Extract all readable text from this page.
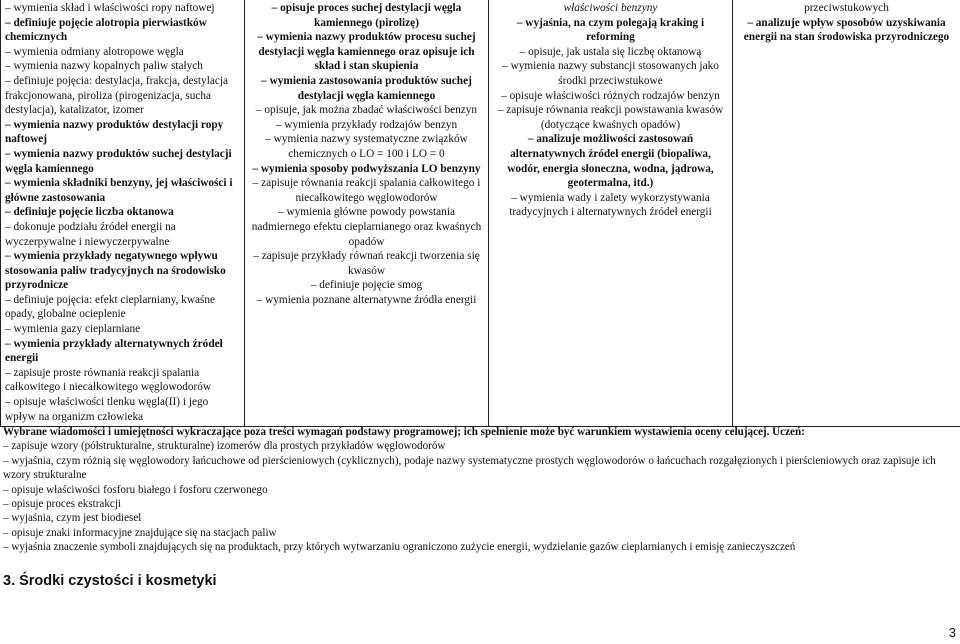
– wymienia skład i właściwości ropy naftowej
– definiuje pojęcie alotropia pierwiastków chemicznych
– wymienia odmiany alotropowe węgla
– wymienia nazwy kopalnych paliw stałych
– definiuje pojęcia: destylacja, frakcja, destylacja frakcjonowana, piroliza (pirogenizacja, sucha destylacja), katalizator, izomer
– wymienia nazwy produktów destylacji ropy naftowej
– wymienia nazwy produktów suchej destylacji węgla kamiennego
– wymienia składniki benzyny, jej właściwości i główne zastosowania
– definiuje pojęcie liczba oktanowa
– dokonuje podziału źródeł energii na wyczerpywalne i niewyczerpywalne
– wymienia przykłady negatywnego wpływu stosowania paliw tradycyjnych na środowisko przyrodnicze
– definiuje pojęcia: efekt cieplarniany, kwaśne opady, globalne ocieplenie
– wymienia gazy cieplarniane
– wymienia przykłady alternatywnych źródeł energii
– zapisuje proste równania reakcji spalania całkowitego i niecałkowitego węglowodorów
– opisuje właściwości tlenku węgla(II) i jego wpływ na organizm człowieka

– opisuje proces suchej destylacji węgla kamiennego (pirolizę)
– wymienia nazwy produktów procesu suchej destylacji węgla kamiennego oraz opisuje ich skład i stan skupienia
– wymienia zastosowania produktów suchej destylacji węgla kamiennego
– opisuje, jak można zbadać właściwości benzyn
– wymienia przykłady rodzajów benzyn
– wymienia nazwy systematyczne związków chemicznych o LO = 100 i LO = 0
– wymienia sposoby podwyższania LO benzyny
– zapisuje równania reakcji spalania całkowitego i niecałkowitego węglowodorów
– wymienia główne powody powstania nadmiernego efektu cieplarnianego oraz kwaśnych opadów
– zapisuje przykłady równań reakcji tworzenia się kwasów
– definiuje pojęcie smog
– wymienia poznane alternatywne źródła energii

właściwości benzyny
– wyjaśnia, na czym polegają kraking i reforming
– opisuje, jak ustala się liczbę oktanową
– wymienia nazwy substancji stosowanych jako środki przeciwstukowe
– opisuje właściwości różnych rodzajów benzyn
– zapisuje równania reakcji powstawania kwasów (dotyczące kwaśnych opadów)
– analizuje możliwości zastosowań alternatywnych źródeł energii (biopaliwa, wodór, energia słoneczna, wodna, jądrowa, geotermalna, itd.)
– wymienia wady i zalety wykorzystywania tradycyjnych i alternatywnych źródeł energii

przeciwstukowych
– analizuje wpływ sposobów uzyskiwania energii na stan środowiska przyrodniczego
Wybrane wiadomości i umiejętności wykraczające poza treści wymagań podstawy programowej; ich spełnienie może być warunkiem wystawienia oceny celującej. Uczeń:
– zapisuje wzory (półstrukturalne, strukturalne) izomerów dla prostych przykładów węglowodorów
– wyjaśnia, czym różnią się węglowodory łańcuchowe od pierścieniowych (cyklicznych), podaje nazwy systematyczne prostych węglowodorów o łańcuchach rozgałęzionych i pierścieniowych oraz zapisuje ich wzory strukturalne
– opisuje właściwości fosforu białego i fosforu czerwonego
– opisuje proces ekstrakcji
– wyjaśnia, czym jest biodiesel
– opisuje znaki informacyjne znajdujące się na stacjach paliw
– wyjaśnia znaczenie symboli znajdujących się na produktach, przy których wytwarzaniu ograniczono zużycie energii, wydzielanie gazów cieplarnianych i emisję zanieczyszczeń
3. Środki czystości i kosmetyki
3
